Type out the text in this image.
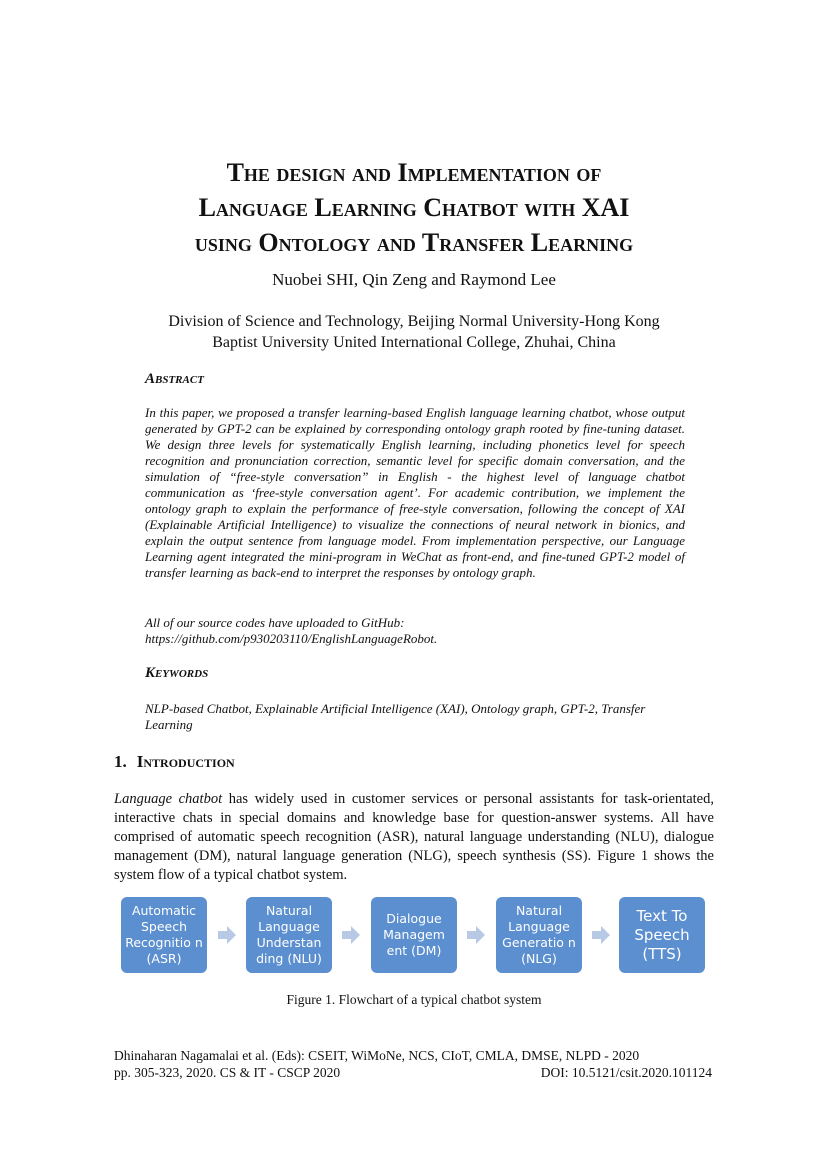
The design and Implementation of
Language Learning Chatbot with XAI
using Ontology and Transfer Learning
Nuobei SHI, Qin Zeng and Raymond Lee
Division of Science and Technology, Beijing Normal University-Hong Kong
Baptist University United International College, Zhuhai, China
Abstract
In this paper, we proposed a transfer learning-based English language learning chatbot, whose output generated by GPT-2 can be explained by corresponding ontology graph rooted by fine-tuning dataset. We design three levels for systematically English learning, including phonetics level for speech recognition and pronunciation correction, semantic level for specific domain conversation, and the simulation of “free-style conversation” in English - the highest level of language chatbot communication as ‘free-style conversation agent’. For academic contribution, we implement the ontology graph to explain the performance of free-style conversation, following the concept of XAI (Explainable Artificial Intelligence) to visualize the connections of neural network in bionics, and explain the output sentence from language model. From implementation perspective, our Language Learning agent integrated the mini-program in WeChat as front-end, and fine-tuned GPT-2 model of transfer learning as back-end to interpret the responses by ontology graph.
All of our source codes have uploaded to GitHub:
https://github.com/p930203110/EnglishLanguageRobot.
Keywords
NLP-based Chatbot, Explainable Artificial Intelligence (XAI), Ontology graph, GPT-2, Transfer Learning
1. Introduction
Language chatbot has widely used in customer services or personal assistants for task-orientated, interactive chats in special domains and knowledge base for question-answer systems. All have comprised of automatic speech recognition (ASR), natural language understanding (NLU), dialogue management (DM), natural language generation (NLG), speech synthesis (SS). Figure 1 shows the system flow of a typical chatbot system.
Automatic Speech Recognitio n (ASR)
Natural Language Understan ding (NLU)
Dialogue Managem ent (DM)
Natural Language Generatio n (NLG)
Text To Speech (TTS)
Figure 1. Flowchart of a typical chatbot system
Dhinaharan Nagamalai et al. (Eds): CSEIT, WiMoNe, NCS, CIoT, CMLA, DMSE, NLPD - 2020
pp. 305-323, 2020. CS & IT - CSCP 2020	DOI: 10.5121/csit.2020.101124
